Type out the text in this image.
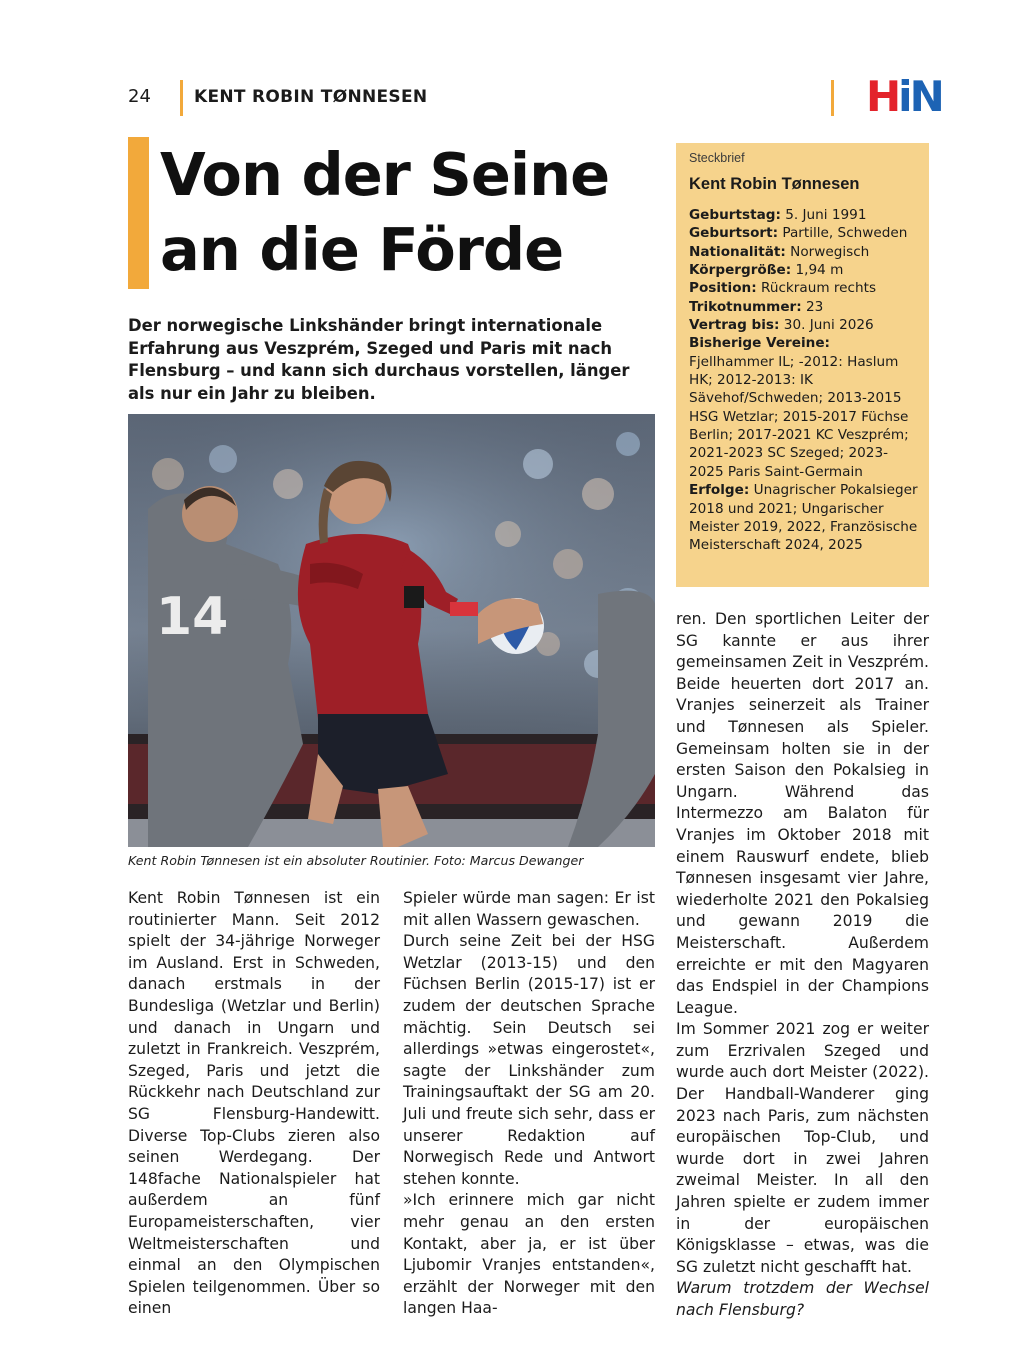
24	KENT ROBIN TØNNESEN	HiN
Von der Seine
an die Förde
Der norwegische Linkshänder bringt internationale Erfahrung aus Veszprém, Szeged und Paris mit nach Flensburg – und kann sich durchaus vorstellen, länger als nur ein Jahr zu bleiben.
14
Kent Robin Tønnesen ist ein absoluter Routinier. Foto: Marcus Dewanger
Steckbrief
Kent Robin Tønnesen

Geburtstag: 5. Juni 1991

Geburtsort: Partille, Schweden

Nationalität: Norwegisch

Körpergröße: 1,94 m

Position: Rückraum rechts

Trikotnummer: 23

Vertrag bis: 30. Juni 2026

Bisherige Vereine: Fjellhammer IL; -2012: Haslum HK; 2012-2013: IK Sävehof/Schweden; 2013-2015 HSG Wetzlar; 2015-2017 Füchse Berlin; 2017-2021 KC Veszprém; 2021-2023 SC Szeged; 2023-2025 Paris Saint-Germain

Erfolge: Unagrischer Pokalsieger 2018 und 2021; Ungarischer Meister 2019, 2022, Französische Meisterschaft 2024, 2025

Kent Robin Tønnesen ist ein routinierter Mann. Seit 2012 spielt der 34-jährige Norweger im Ausland. Erst in Schweden, danach erstmals in der Bundesliga (Wetzlar und Berlin) und danach in Ungarn und zuletzt in Frankreich. Veszprém, Szeged, Paris und jetzt die Rückkehr nach Deutschland zur SG Flensburg-Handewitt. Diverse Top-Clubs zieren also seinen Werdegang. Der 148fache Nationalspieler hat außerdem an fünf Europameisterschaften, vier Weltmeisterschaften und einmal an den Olympischen Spielen teilgenommen. Über so einen

Spieler würde man sagen: Er ist mit allen Wassern gewaschen.

Durch seine Zeit bei der HSG Wetzlar (2013-15) und den Füchsen Berlin (2015-17) ist er zudem der deutschen Sprache mächtig. Sein Deutsch sei allerdings »etwas eingerostet«, sagte der Linkshänder zum Trainingsauftakt der SG am 20. Juli und freute sich sehr, dass er unserer Redaktion auf Norwegisch Rede und Antwort stehen konnte.

»Ich erinnere mich gar nicht mehr genau an den ersten Kontakt, aber ja, er ist über Ljubomir Vranjes entstanden«, erzählt der Norweger mit den langen Haa-

ren. Den sportlichen Leiter der SG kannte er aus ihrer gemeinsamen Zeit in Veszprém. Beide heuerten dort 2017 an. Vranjes seinerzeit als Trainer und Tønnesen als Spieler. Gemeinsam holten sie in der ersten Saison den Pokalsieg in Ungarn. Während das Intermezzo am Balaton für Vranjes im Oktober 2018 mit einem Rauswurf endete, blieb Tønnesen insgesamt vier Jahre, wiederholte 2021 den Pokalsieg und gewann 2019 die Meisterschaft. Außerdem erreichte er mit den Magyaren das Endspiel in der Champions League.

Im Sommer 2021 zog er weiter zum Erzrivalen Szeged und wurde auch dort Meister (2022). Der Handball-Wanderer ging 2023 nach Paris, zum nächsten europäischen Top-Club, und wurde dort in zwei Jahren zweimal Meister. In all den Jahren spielte er zudem immer in der europäischen Königsklasse – etwas, was die SG zuletzt nicht geschafft hat.

Warum trotzdem der Wechsel nach Flensburg?
